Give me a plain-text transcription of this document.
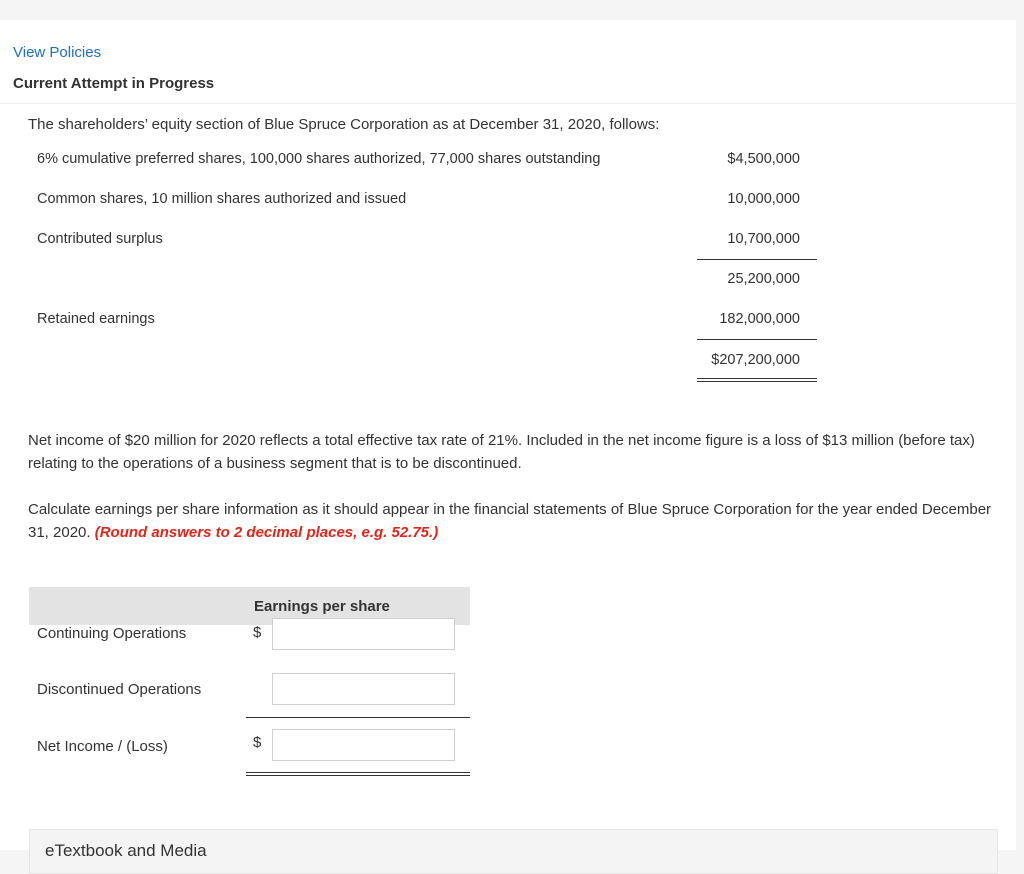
View Policies
Current Attempt in Progress
The shareholders’ equity section of Blue Spruce Corporation as at December 31, 2020, follows:
6% cumulative preferred shares, 100,000 shares authorized, 77,000 shares outstanding	$4,500,000
Common shares, 10 million shares authorized and issued	10,000,000
Contributed surplus	10,700,000
25,200,000
Retained earnings	182,000,000
$207,200,000
Net income of $20 million for 2020 reflects a total effective tax rate of 21%. Included in the net income figure is a loss of $13 million (before tax) relating to the operations of a business segment that is to be discontinued.
Calculate earnings per share information as it should appear in the financial statements of Blue Spruce Corporation for the year ended December 31, 2020. (Round answers to 2 decimal places, e.g. 52.75.)
Earnings per share
Continuing Operations	$
Discontinued Operations
Net Income / (Loss)	$
eTextbook and Media
